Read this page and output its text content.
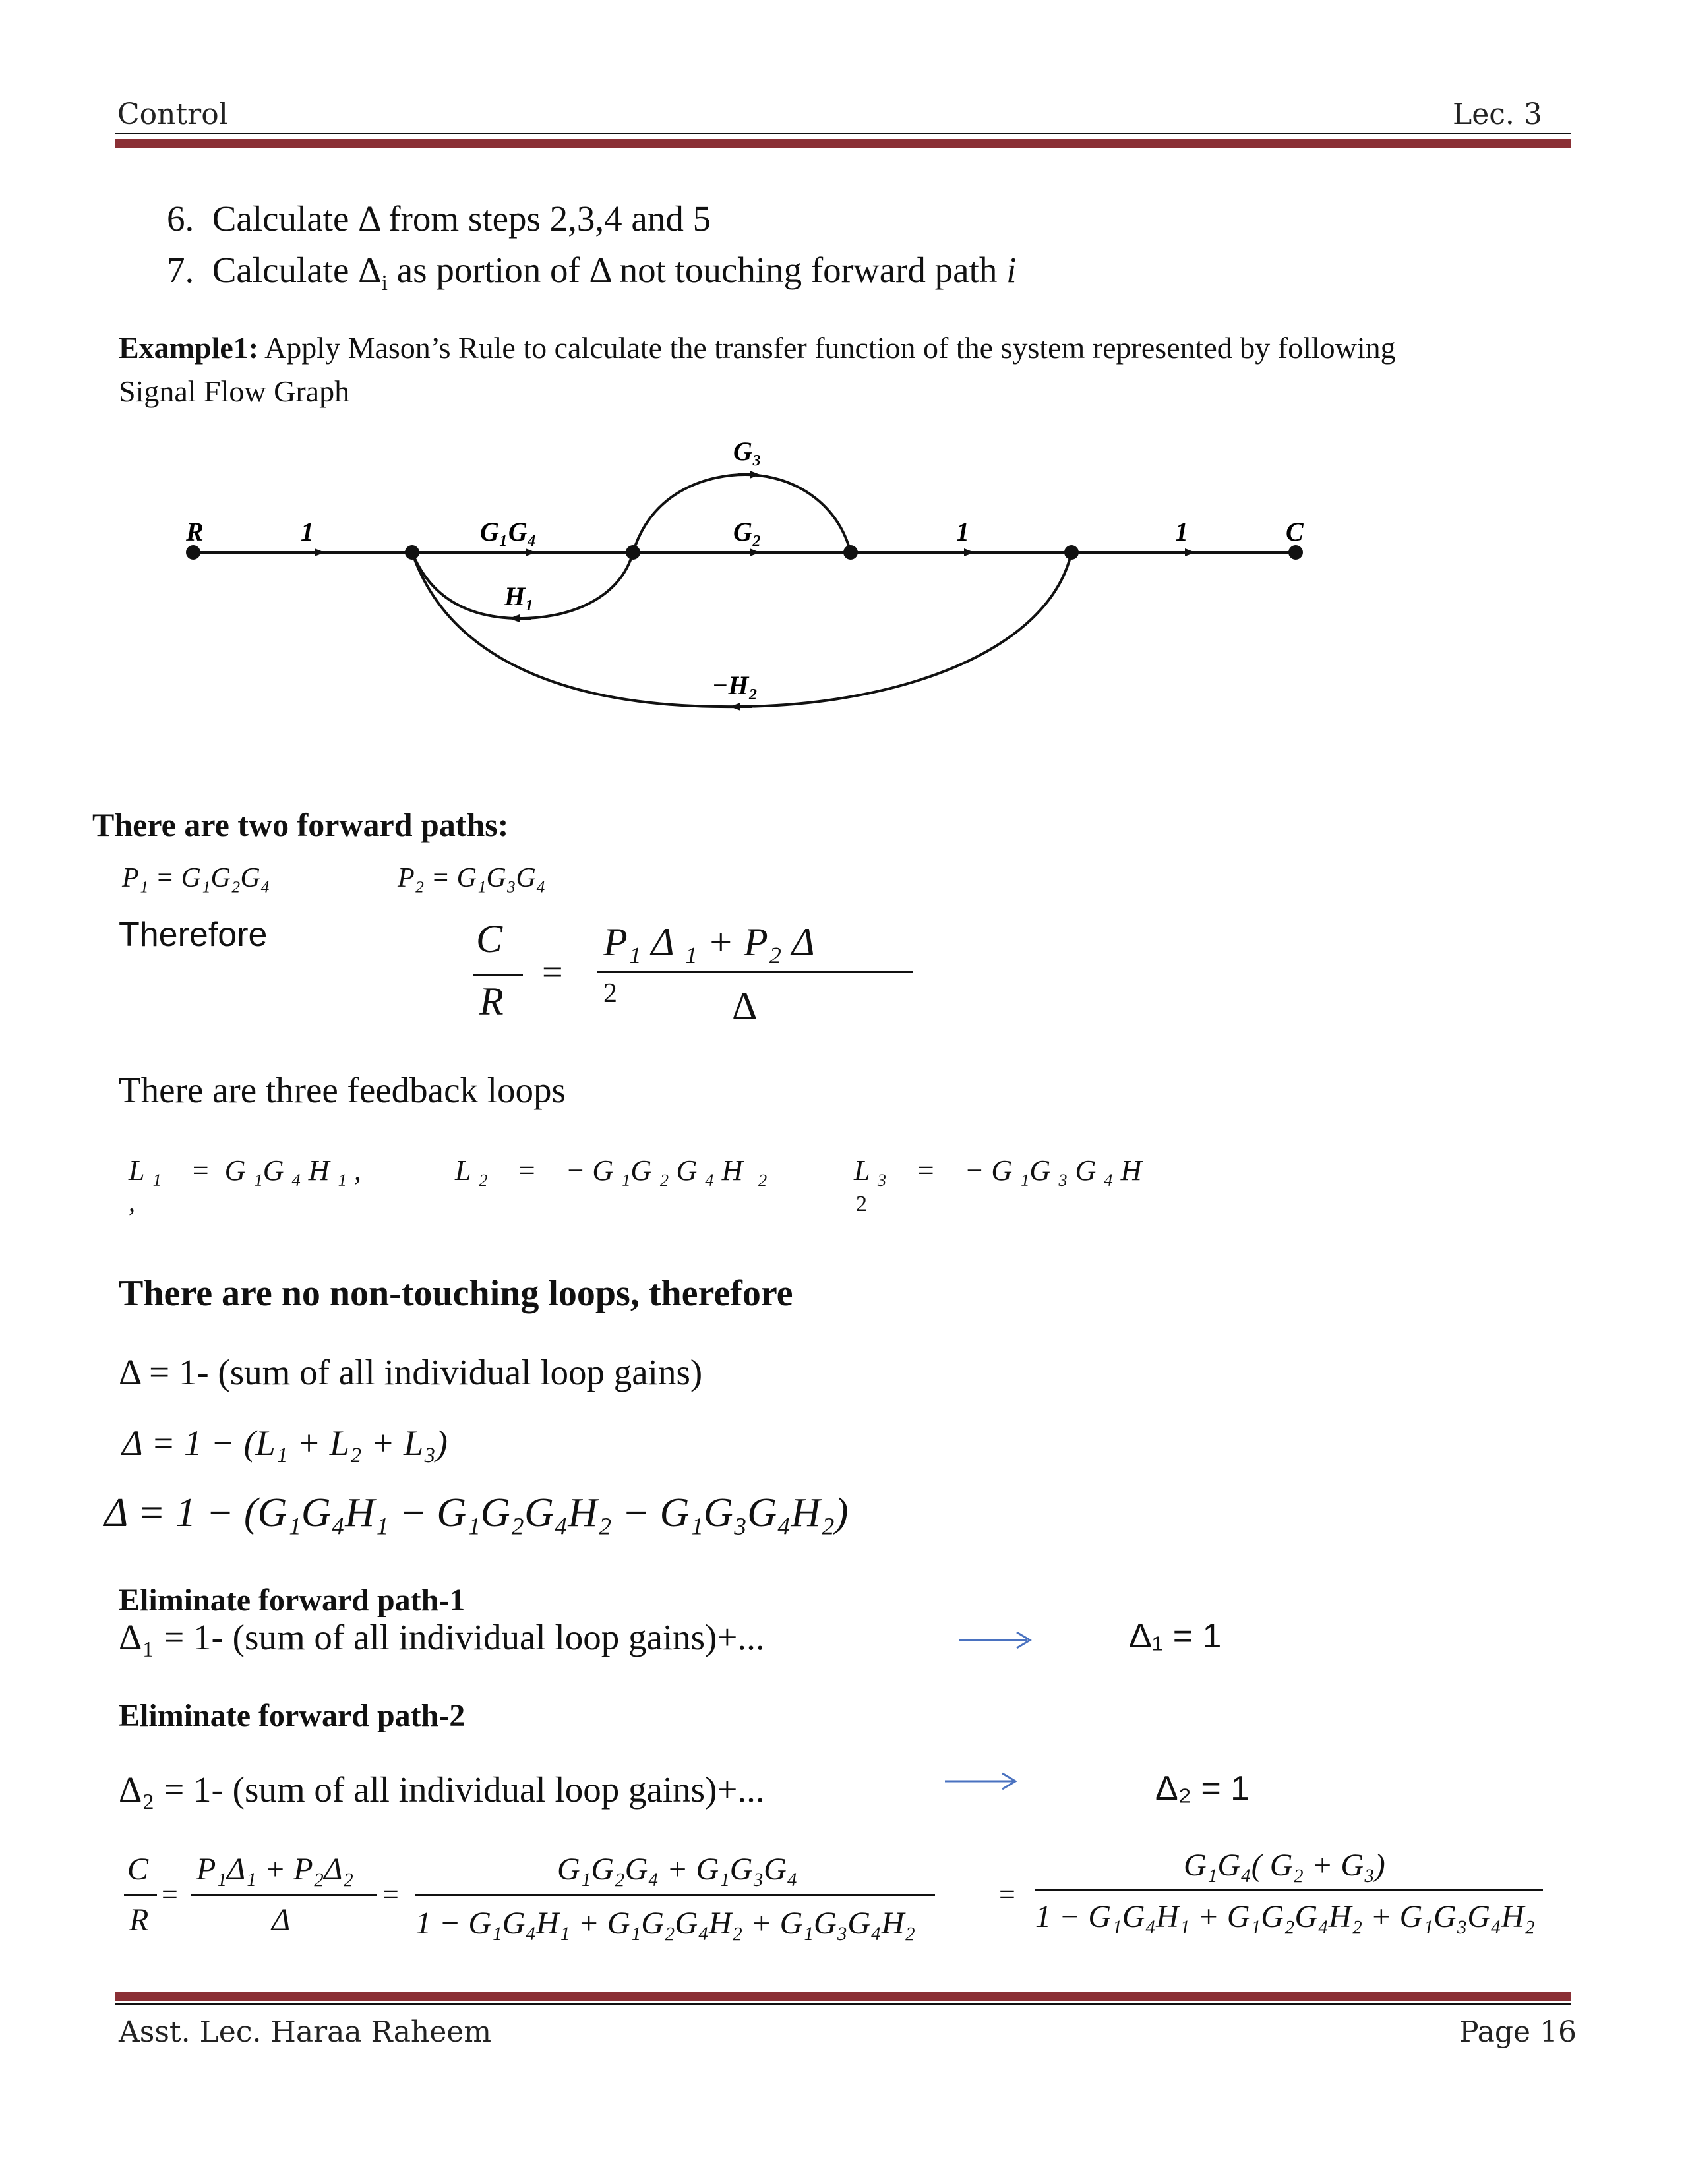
Control	Lec. 3
6. Calculate Δ from steps 2,3,4 and 5
7. Calculate $\Delta_i$ as portion of Δ not touching forward path i
Example1: Apply Mason’s Rule to calculate the transfer function of the system represented by following
Signal Flow Graph
R	1	G₁G₄
G₃
G₂	1	1	C
H₁
−H₂
There are two forward paths:
P₁ = G₁G₂G₄	P₂ = G₁G₃G₄
Therefore	C
R
=
P₁ Δ ₁ + P₂ Δ
2	Δ
There are three feedback loops
L ₁    =  G ₁G ₄ H ₁ ,
,
L ₂    =    − G ₁G ₂ G ₄ H  ₂	L ₃    =    − G ₁G ₃ G ₄ H
2
There are no non-touching loops, therefore
Δ = 1- (sum of all individual loop gains)
Δ = 1 − (L₁ + L₂ + L₃)
Δ = 1 − (G₁G₄H₁ − G₁G₂G₄H₂ − G₁G₃G₄H₂)
Eliminate forward path-1
Δ₁ = 1- (sum of all individual loop gains)+...	Δ₁ = 1
Eliminate forward path-2
Δ₂ = 1- (sum of all individual loop gains)+...	Δ₂ = 1
C
R
=
P₁Δ₁ + P₂Δ₂
Δ
=
G₁G₂G₄ + G₁G₃G₄
1 − G₁G₄H₁ + G₁G₂G₄H₂ + G₁G₃G₄H₂
=
G₁G₄( G₂ + G₃)
1 − G₁G₄H₁ + G₁G₂G₄H₂ + G₁G₃G₄H₂
Asst. Lec. Haraa Raheem	Page 16
